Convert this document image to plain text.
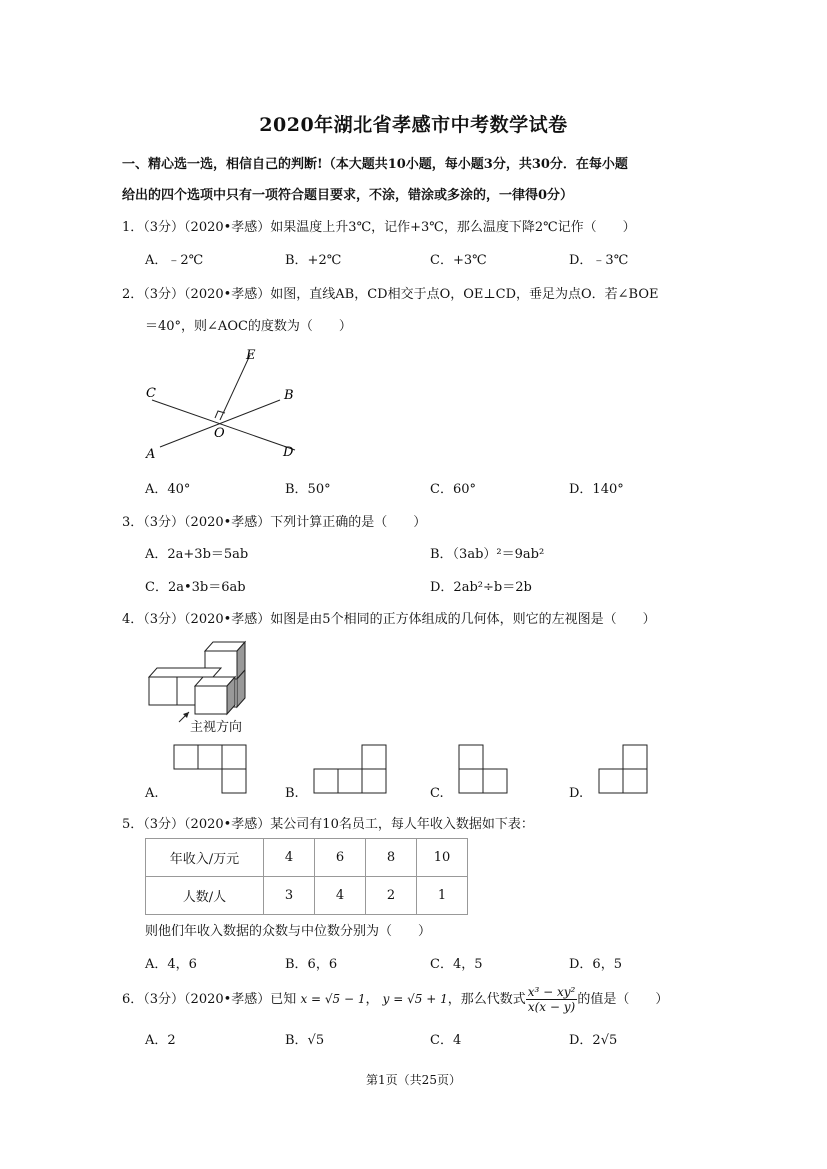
2020年湖北省孝感市中考数学试卷
一、精心选一选，相信自己的判断!（本大题共10小题，每小题3分，共30分．在每小题
给出的四个选项中只有一项符合题目要求，不涂，错涂或多涂的，一律得0分）
1．（3分）（2020•孝感）如果温度上升3℃，记作+3℃，那么温度下降2℃记作（　　）
A．﹣2℃	B．+2℃	C．+3℃	D．﹣3℃
2．（3分）（2020•孝感）如图，直线AB，CD相交于点O，OE⊥CD，垂足为点O．若∠BOE
＝40°，则∠AOC的度数为（　　）
E
C	B
O
A	D
A．40°	B．50°	C．60°	D．140°
3．（3分）（2020•孝感）下列计算正确的是（　　）
A．2a+3b＝5ab	B．（3ab）²＝9ab²
C．2a•3b＝6ab	D．2ab²÷b＝2b
4．（3分）（2020•孝感）如图是由5个相同的正方体组成的几何体，则它的左视图是（　　）
主视方向
A.	B.	C.	D.
5．（3分）（2020•孝感）某公司有10名员工，每人年收入数据如下表：
年收入/万元	4	6	8	10
人数/人	3	4	2	1
则他们年收入数据的众数与中位数分别为（　　）
A．4，6	B．6，6	C．4，5	D．6，5
6．（3分）（2020•孝感）已知 x = √5 − 1， y = √5 + 1，那么代数式 $\frac{\text{x³ − xy²}}{x(x - y)}$ 的值是（　　）
A．2	B．√5	C．4	D．2√5
第1页（共25页）
